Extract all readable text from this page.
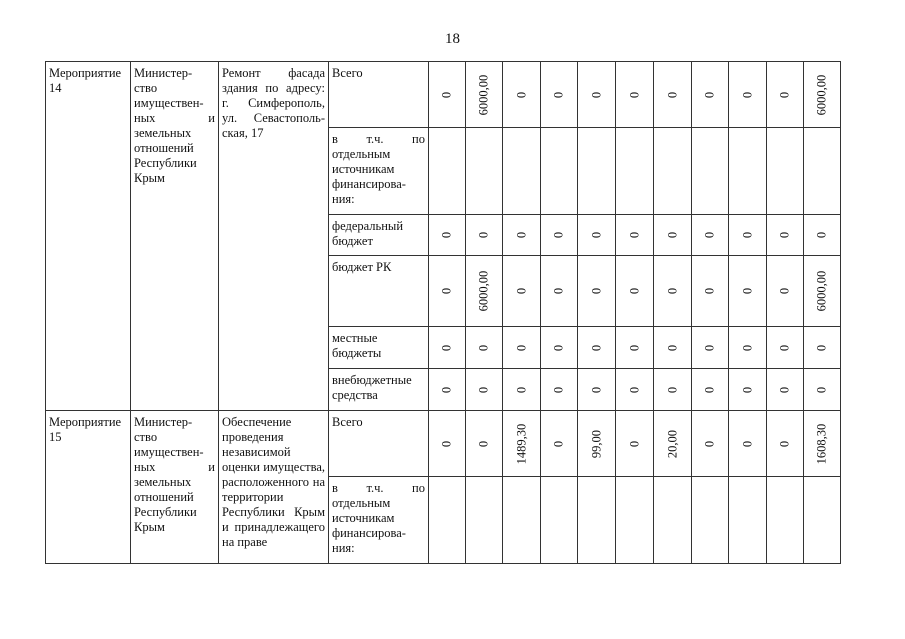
18
Мероприятие 14	Министер-ство имуществен-ных и земельных отношений Республики Крым	Ремонт фасада здания по адресу: г. Симферополь, ул. Севастополь-ская, 17	Всего	0	6000,00	0	0	0	0	0	0	0	0	6000,00

			в т.ч. по отдельным источникам финансирова-ния:	

			федеральный бюджет	0	0	0	0	0	0	0	0	0	0	0

			бюджет РК	0	6000,00	0	0	0	0	0	0	0	0	6000,00

			местные бюджеты	0	0	0	0	0	0	0	0	0	0	0

			внебюджетные средства	0	0	0	0	0	0	0	0	0	0	0

Мероприятие 15	Министер-ство имуществен-ных и земельных отношений Республики Крым	Обеспечение проведения независимой оценки имущества, расположенного на территории Республики Крым и принадлежащего на праве	Всего	0	0	1489,30	0	99,00	0	20,00	0	0	0	1608,30

			в т.ч. по отдельным источникам финансирова-ния:	
